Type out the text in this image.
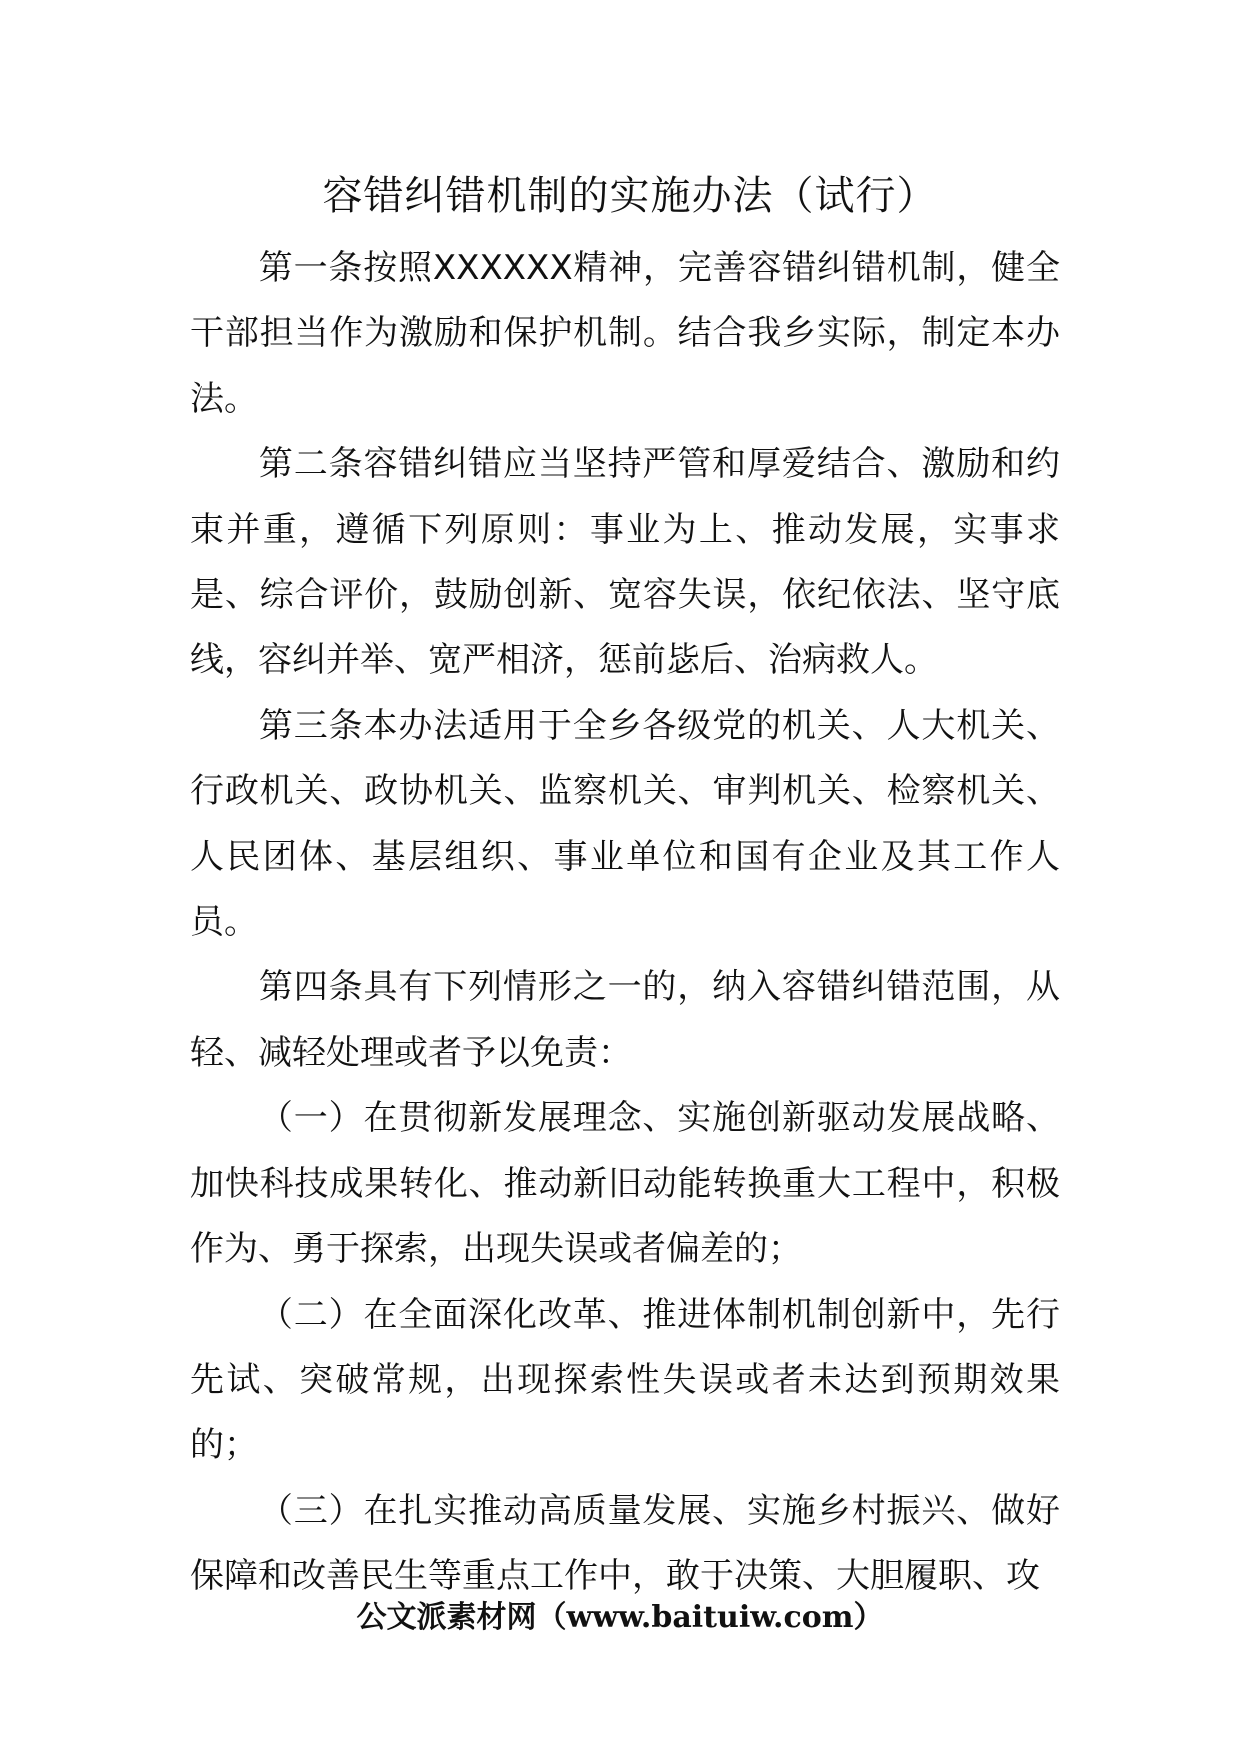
容错纠错机制的实施办法（试行）

第一条按照XXXXXX精神，完善容错纠错机制，健全干部担当作为激励和保护机制。结合我乡实际，制定本办法。

第二条容错纠错应当坚持严管和厚爱结合、激励和约束并重，遵循下列原则：事业为上、推动发展，实事求是、综合评价，鼓励创新、宽容失误，依纪依法、坚守底线，容纠并举、宽严相济，惩前毖后、治病救人。

第三条本办法适用于全乡各级党的机关、人大机关、行政机关、政协机关、监察机关、审判机关、检察机关、人民团体、基层组织、事业单位和国有企业及其工作人员。

第四条具有下列情形之一的，纳入容错纠错范围，从轻、减轻处理或者予以免责：

（一）在贯彻新发展理念、实施创新驱动发展战略、加快科技成果转化、推动新旧动能转换重大工程中，积极作为、勇于探索，出现失误或者偏差的；

（二）在全面深化改革、推进体制机制创新中，先行先试、突破常规，出现探索性失误或者未达到预期效果的；

（三）在扎实推动高质量发展、实施乡村振兴、做好保障和改善民生等重点工作中，敢于决策、大胆履职、攻

公文派素材网（www.baituiw.com）
